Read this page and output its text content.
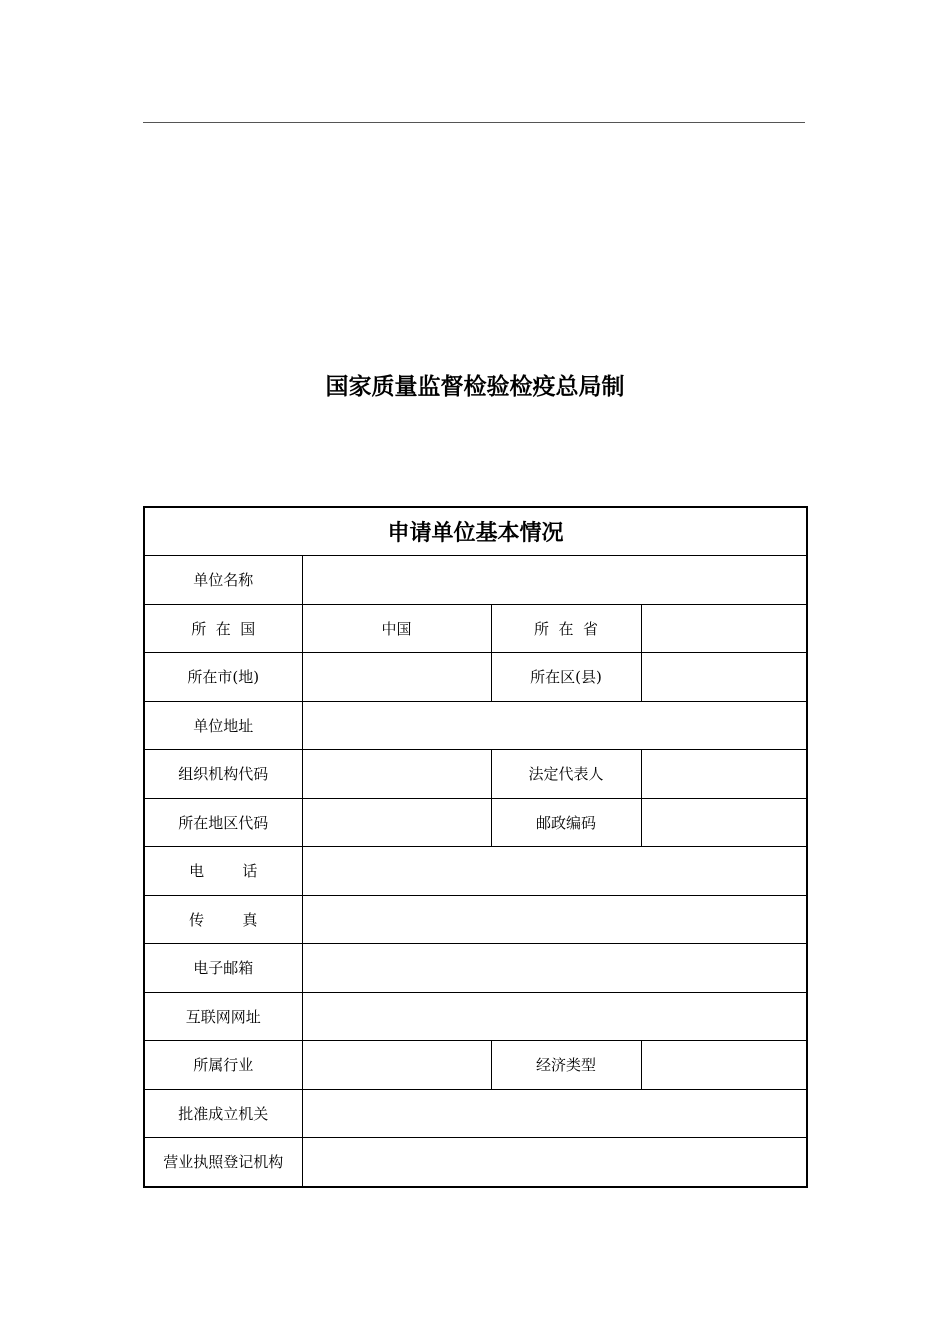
国家质量监督检验检疫总局制
申请单位基本情况			
单位名称			
所  在  国	中国	所  在  省	
所在市(地)		所在区(县)	
单位地址			
组织机构代码		法定代表人	
所在地区代码		邮政编码	
电        话			
传        真			
电子邮箱			
互联网网址			
所属行业		经济类型	
批准成立机关			
营业执照登记机构			
